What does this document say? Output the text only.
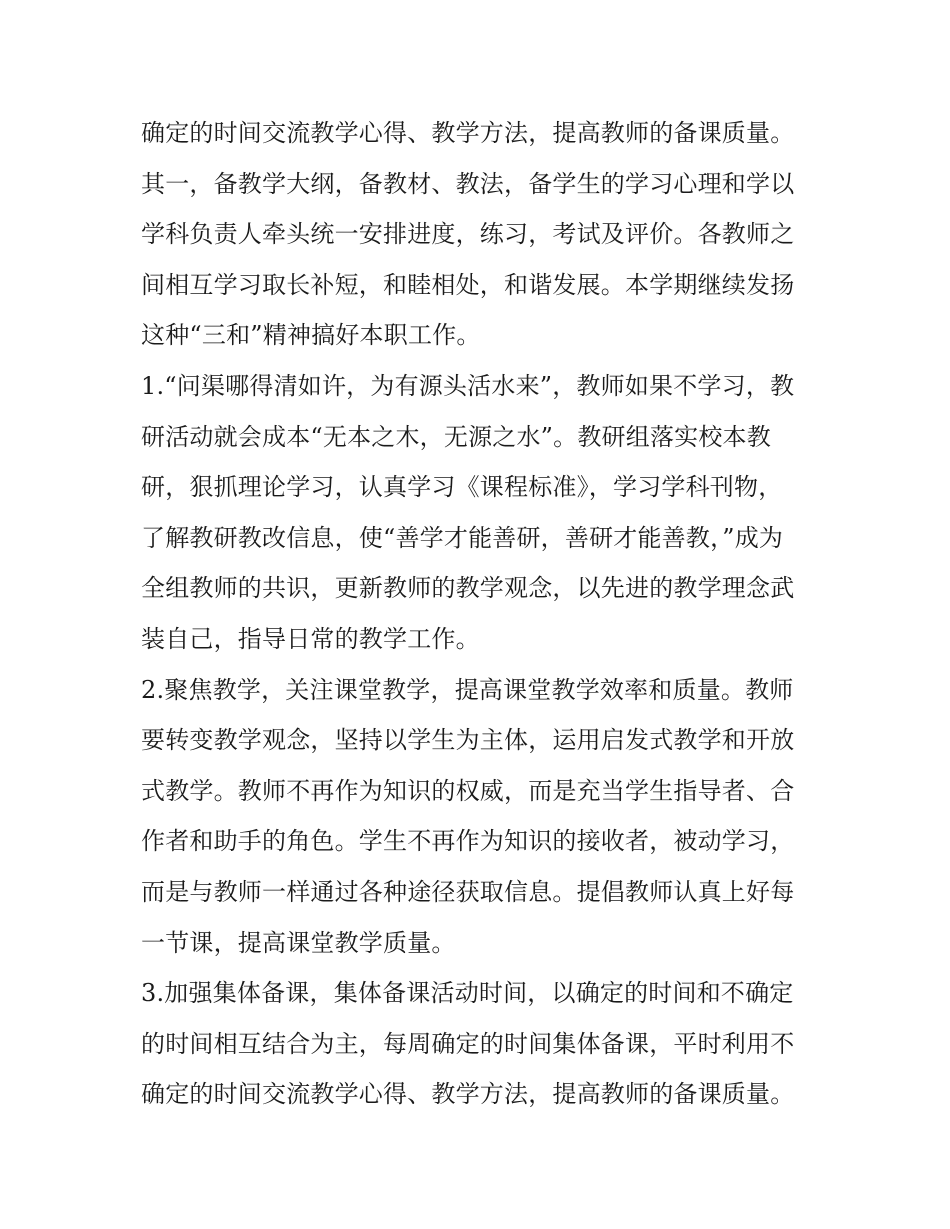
确定的时间交流教学心得、教学方法，提高教师的备课质量。
其一，备教学大纲，备教材、教法，备学生的学习心理和学以
学科负责人牵头统一安排进度，练习，考试及评价。各教师之
间相互学习取长补短，和睦相处，和谐发展。本学期继续发扬
这种“三和”精神搞好本职工作。
1.“问渠哪得清如许，为有源头活水来”，教师如果不学习，教
研活动就会成本“无本之木，无源之水”。教研组落实校本教
研，狠抓理论学习，认真学习《课程标准》，学习学科刊物，
了解教研教改信息，使“善学才能善研，善研才能善教，”成为
全组教师的共识，更新教师的教学观念，以先进的教学理念武
装自己，指导日常的教学工作。
2.聚焦教学，关注课堂教学，提高课堂教学效率和质量。教师
要转变教学观念，坚持以学生为主体，运用启发式教学和开放
式教学。教师不再作为知识的权威，而是充当学生指导者、合
作者和助手的角色。学生不再作为知识的接收者，被动学习，
而是与教师一样通过各种途径获取信息。提倡教师认真上好每
一节课，提高课堂教学质量。
3.加强集体备课，集体备课活动时间，以确定的时间和不确定
的时间相互结合为主，每周确定的时间集体备课，平时利用不
确定的时间交流教学心得、教学方法，提高教师的备课质量。
